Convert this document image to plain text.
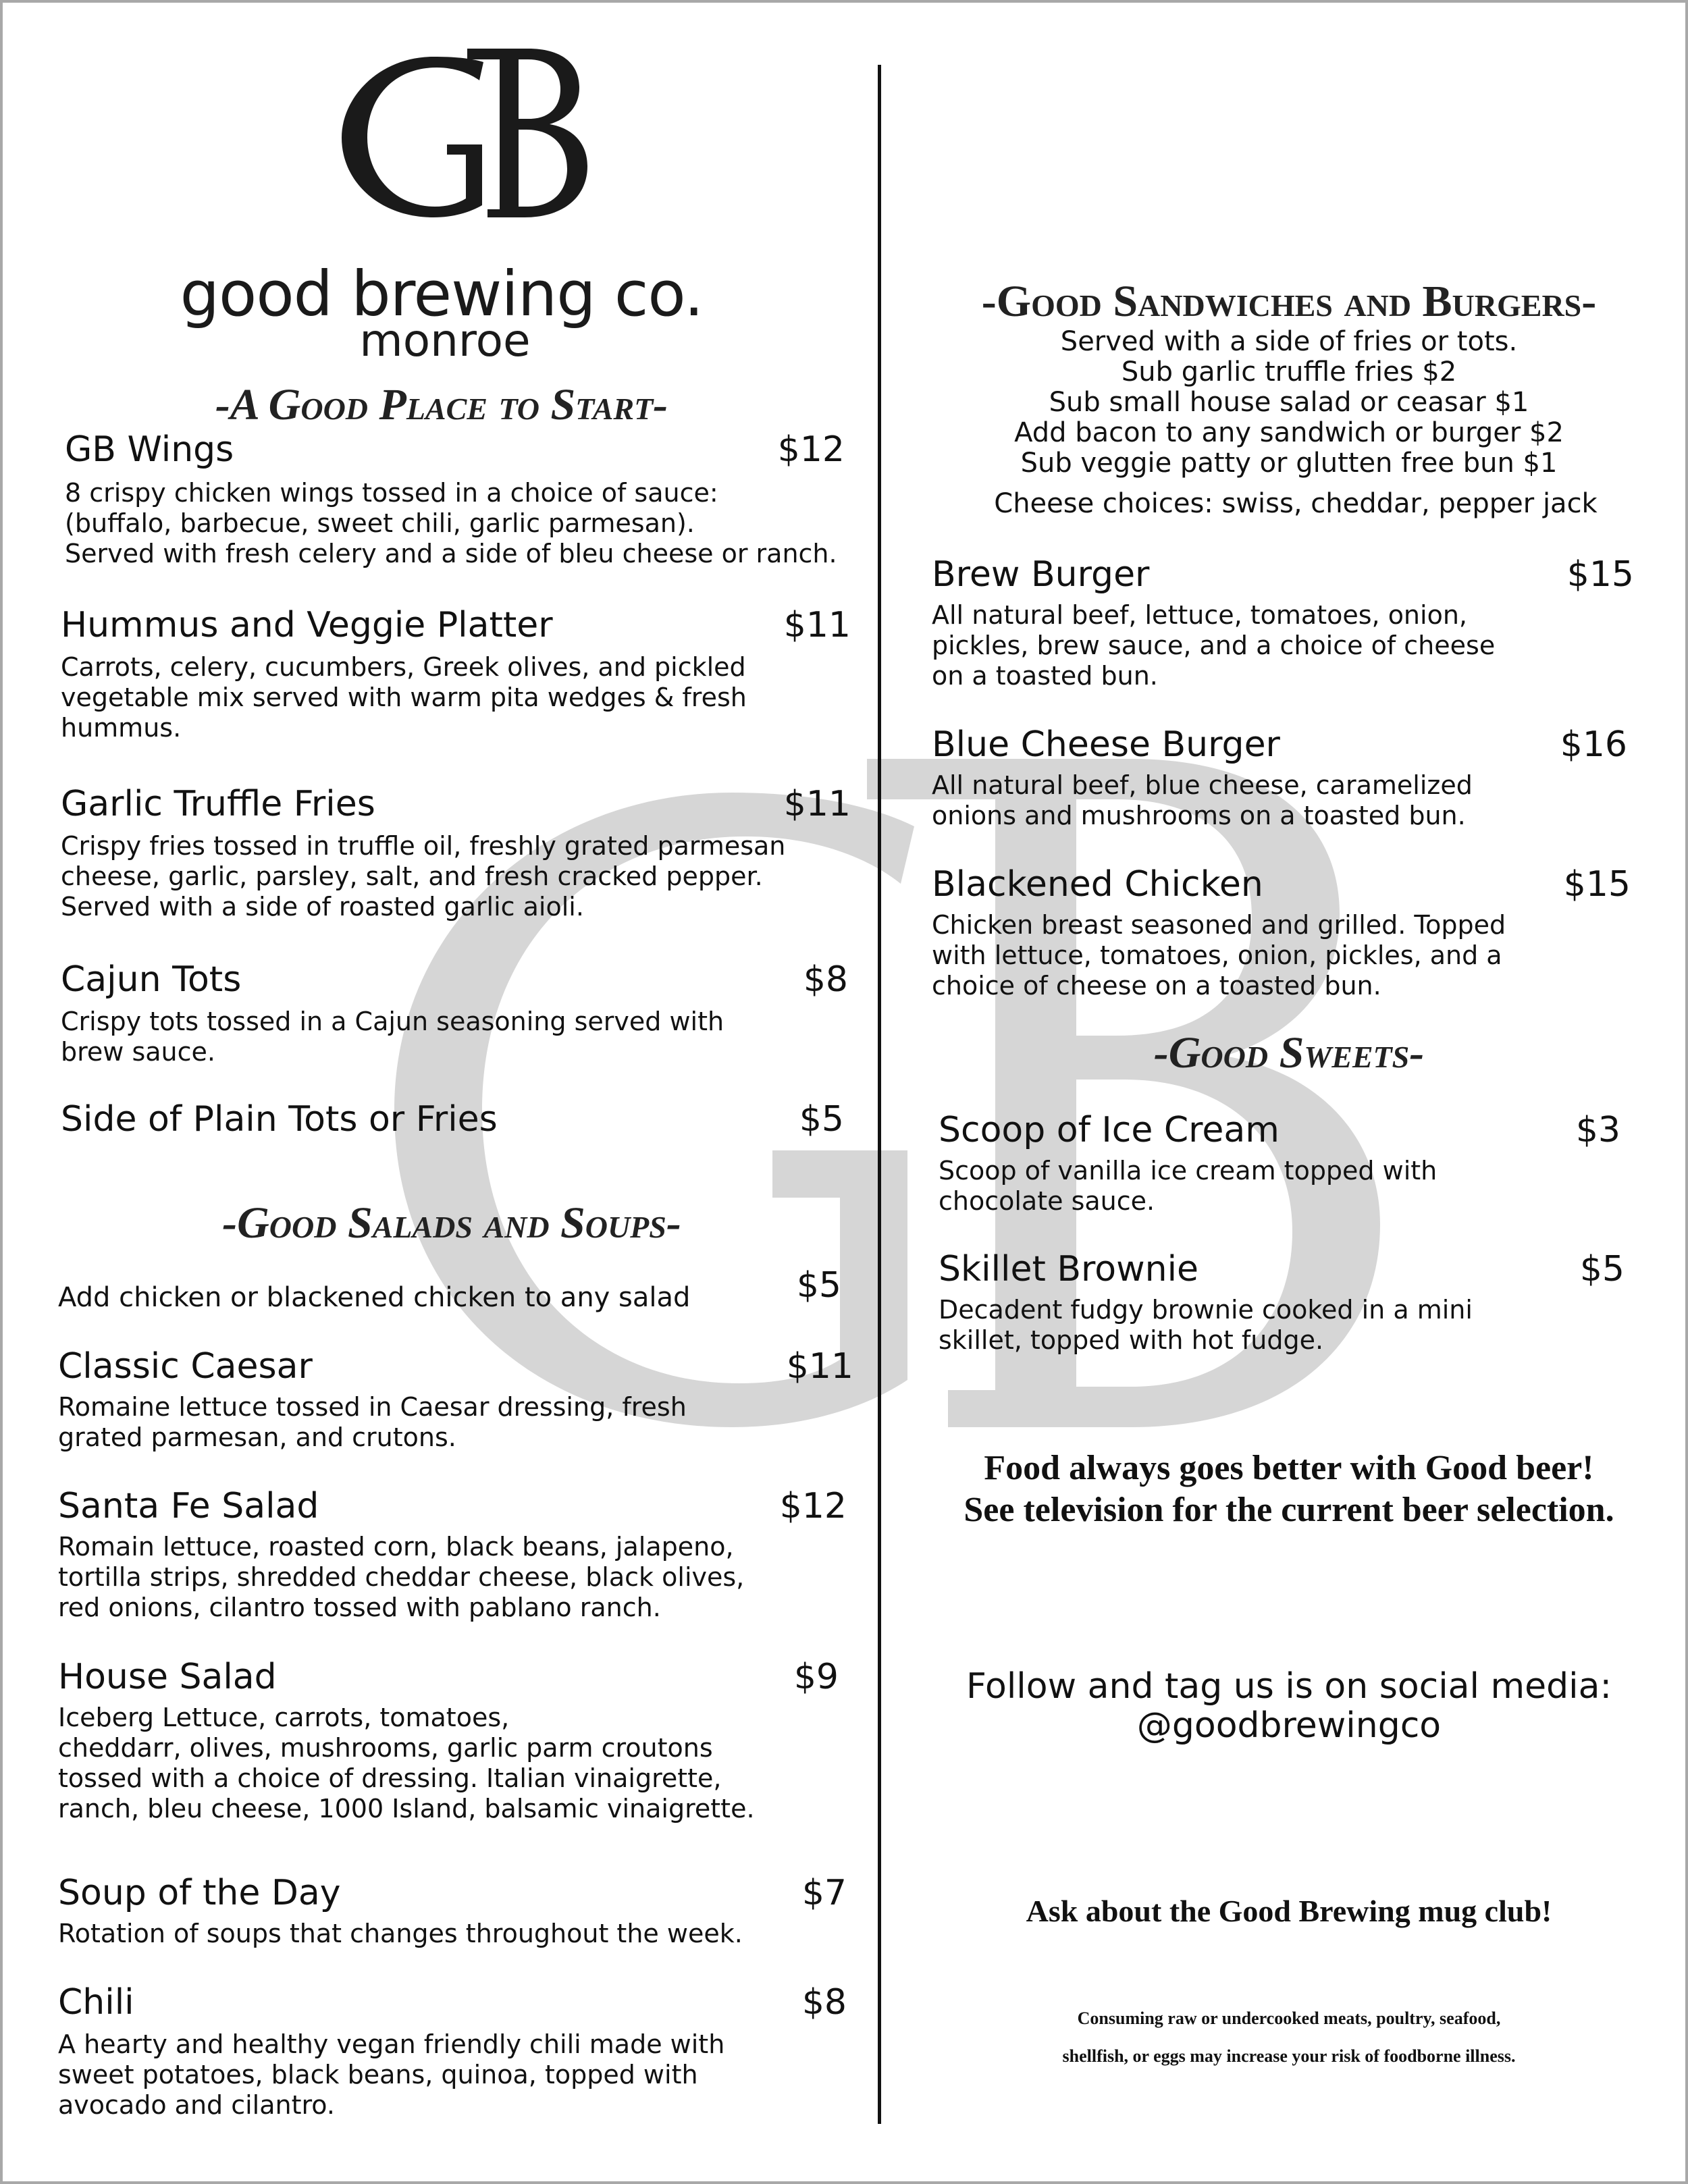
good brewing co.
monroe
-A Good Place to Start-
GB Wings	$12
8 crispy chicken wings tossed in a choice of sauce:
(buffalo, barbecue, sweet chili, garlic parmesan).
Served with fresh celery and a side of bleu cheese or ranch.
Hummus and Veggie Platter	$11
Carrots, celery, cucumbers, Greek olives, and pickled
vegetable mix served with warm pita wedges & fresh
hummus.
Garlic Truffle Fries	$11
Crispy fries tossed in truffle oil, freshly grated parmesan
cheese, garlic, parsley, salt, and fresh cracked pepper.
Served with a side of roasted garlic aioli.
Cajun Tots	$8
Crispy tots tossed in a Cajun seasoning served with
brew sauce.
Side of Plain Tots or Fries	$5
-Good Salads and Soups-
Add chicken or blackened chicken to any salad	$5
Classic Caesar	$11
Romaine lettuce tossed in Caesar dressing, fresh
grated parmesan, and crutons.
Santa Fe Salad	$12
Romain lettuce, roasted corn, black beans, jalapeno,
tortilla strips, shredded cheddar cheese, black olives,
red onions, cilantro tossed with pablano ranch.
House Salad	$9
Iceberg Lettuce, carrots, tomatoes,
cheddarr, olives, mushrooms, garlic parm croutons
tossed with a choice of dressing. Italian vinaigrette,
ranch, bleu cheese, 1000 Island, balsamic vinaigrette.
Soup of the Day	$7
Rotation of soups that changes throughout the week.
Chili	$8
A hearty and healthy vegan friendly chili made with
sweet potatoes, black beans, quinoa, topped with
avocado and cilantro.
-Good Sandwiches and Burgers-
Served with a side of fries or tots.
Sub garlic truffle fries $2
Sub small house salad or ceasar $1
Add bacon to any sandwich or burger $2
Sub veggie patty or glutten free bun $1
Cheese choices: swiss, cheddar, pepper jack
Brew Burger	$15
All natural beef, lettuce, tomatoes, onion,
pickles, brew sauce, and a choice of cheese
on a toasted bun.
Blue Cheese Burger	$16
All natural beef, blue cheese, caramelized
onions and mushrooms on a toasted bun.
Blackened Chicken	$15
Chicken breast seasoned and grilled. Topped
with lettuce, tomatoes, onion, pickles, and a
choice of cheese on a toasted bun.
-Good Sweets-
Scoop of Ice Cream	$3
Scoop of vanilla ice cream topped with
chocolate sauce.
Skillet Brownie	$5
Decadent fudgy brownie cooked in a mini
skillet, topped with hot fudge.
Food always goes better with Good beer!
See television for the current beer selection.
Follow and tag us is on social media:
@goodbrewingco
Ask about the Good Brewing mug club!
Consuming raw or undercooked meats, poultry, seafood,
shellfish, or eggs may increase your risk of foodborne illness.
